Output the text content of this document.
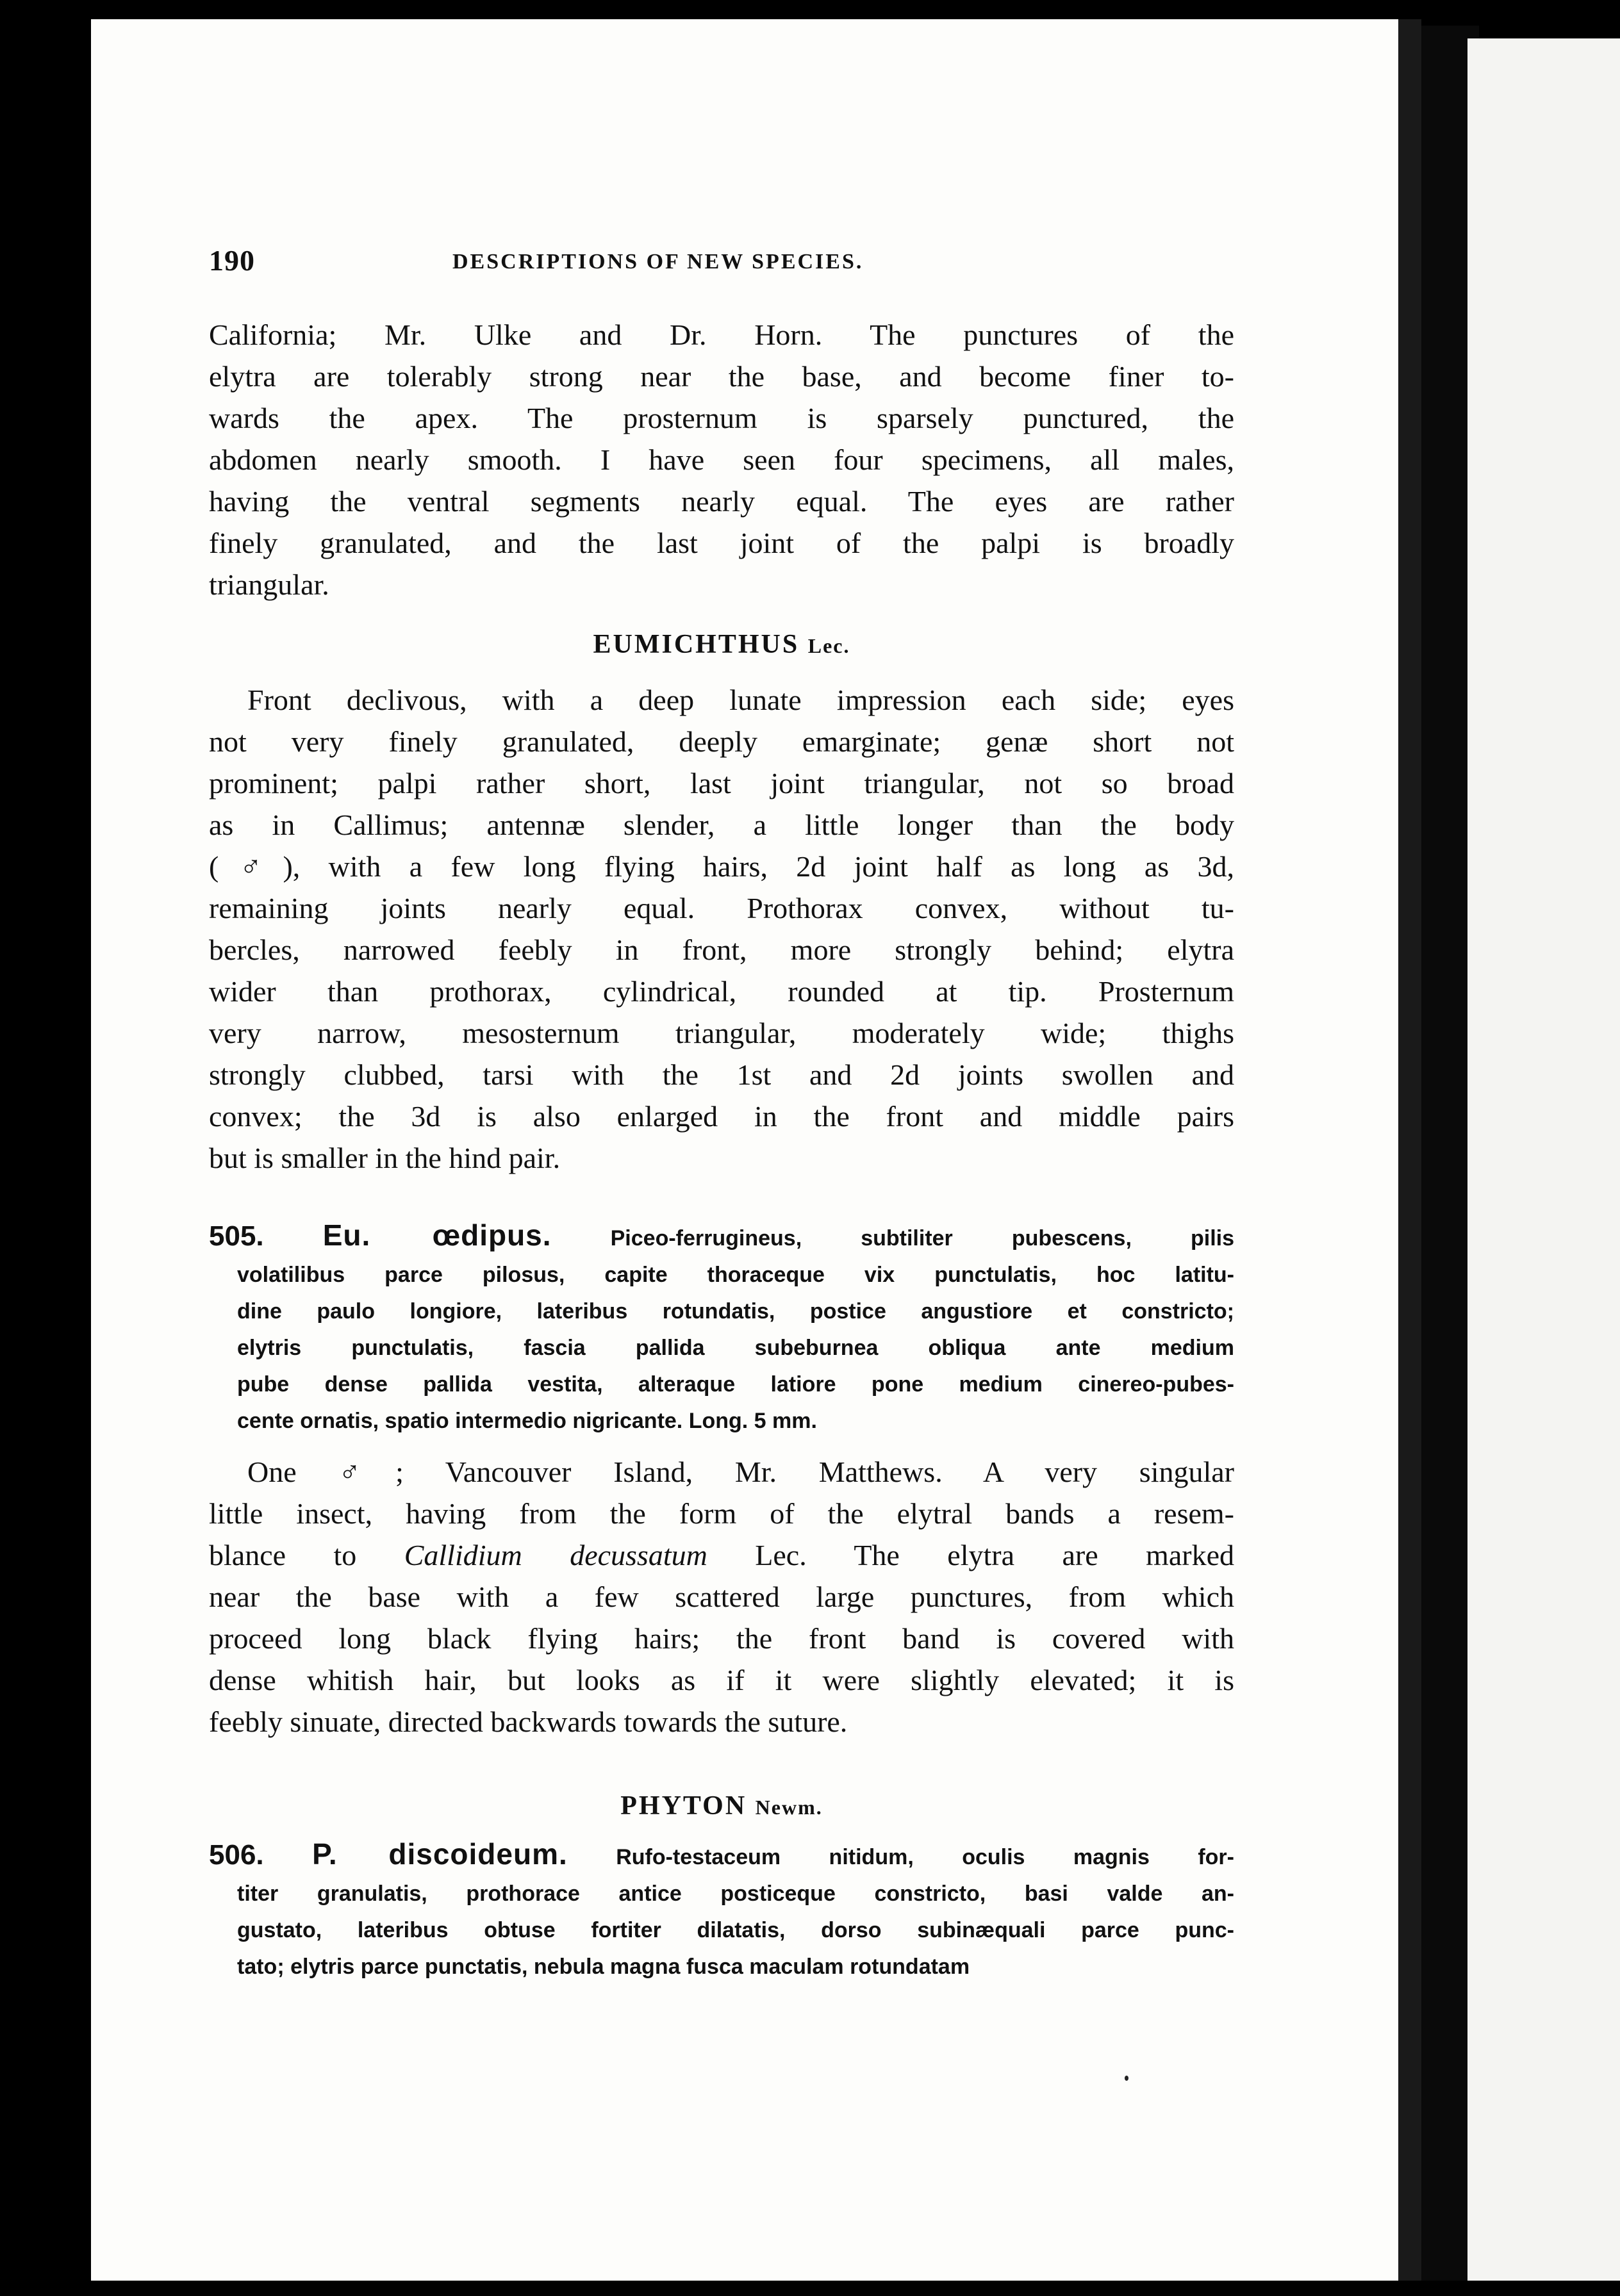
190	DESCRIPTIONS OF NEW SPECIES.
California; Mr. Ulke and Dr. Horn. The punctures of the
elytra are tolerably strong near the base, and become finer to-
wards the apex. The prosternum is sparsely punctured, the
abdomen nearly smooth. I have seen four specimens, all males,
having the ventral segments nearly equal. The eyes are rather
finely granulated, and the last joint of the palpi is broadly
triangular.
EUMICHTHUS Lec.
Front declivous, with a deep lunate impression each side; eyes
not very finely granulated, deeply emarginate; genæ short not
prominent; palpi rather short, last joint triangular, not so broad
as in Callimus; antennæ slender, a little longer than the body
(♂), with a few long flying hairs, 2d joint half as long as 3d,
remaining joints nearly equal. Prothorax convex, without tu-
bercles, narrowed feebly in front, more strongly behind; elytra
wider than prothorax, cylindrical, rounded at tip. Prosternum
very narrow, mesosternum triangular, moderately wide; thighs
strongly clubbed, tarsi with the 1st and 2d joints swollen and
convex; the 3d is also enlarged in the front and middle pairs
but is smaller in the hind pair.
505. Eu. œdipus.	Piceo-ferrugineus, subtiliter pubescens, pilis
volatilibus parce pilosus, capite thoraceque vix punctulatis, hoc latitu-
dine paulo longiore, lateribus rotundatis, postice angustiore et constricto;
elytris punctulatis, fascia pallida subeburnea obliqua ante medium
pube dense pallida vestita, alteraque latiore pone medium cinereo-pubes-
cente ornatis, spatio intermedio nigricante. Long. 5 mm.
One ♂; Vancouver Island, Mr. Matthews. A very singular
little insect, having from the form of the elytral bands a resem-
blance to Callidium decussatum Lec. The elytra are marked
near the base with a few scattered large punctures, from which
proceed long black flying hairs; the front band is covered with
dense whitish hair, but looks as if it were slightly elevated; it is
feebly sinuate, directed backwards towards the suture.
PHYTON Newm.
506. P. discoideum. Rufo-testaceum nitidum, oculis magnis for-
titer granulatis, prothorace antice posticeque constricto, basi valde an-
gustato, lateribus obtuse fortiter dilatatis, dorso subinæquali parce punc-
tato; elytris parce punctatis, nebula magna fusca maculam rotundatam
